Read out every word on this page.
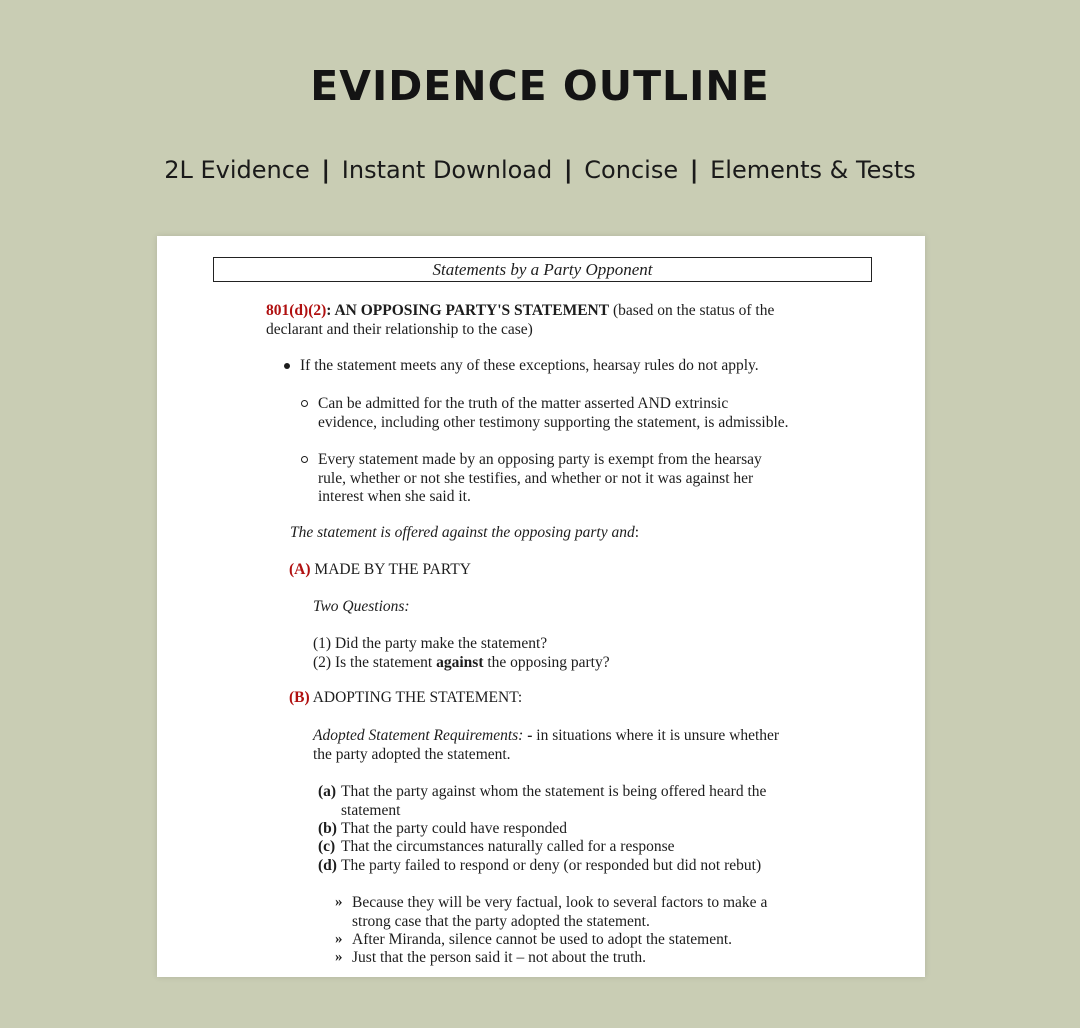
EVIDENCE OUTLINE
2L Evidence | Instant Download | Concise | Elements & Tests
Statements by a Party Opponent
801(d)(2): AN OPPOSING PARTY'S STATEMENT (based on the status of the
declarant and their relationship to the case)
If the statement meets any of these exceptions, hearsay rules do not apply.
Can be admitted for the truth of the matter asserted AND extrinsic
evidence, including other testimony supporting the statement, is admissible.
Every statement made by an opposing party is exempt from the hearsay
rule, whether or not she testifies, and whether or not it was against her
interest when she said it.
The statement is offered against the opposing party and:
(A) MADE BY THE PARTY
Two Questions:
(1) Did the party make the statement?
(2) Is the statement against the opposing party?
(B) ADOPTING THE STATEMENT:
Adopted Statement Requirements: - in situations where it is unsure whether
the party adopted the statement.
(a) That the party against whom the statement is being offered heard the
statement
(b) That the party could have responded
(c) That the circumstances naturally called for a response
(d) The party failed to respond or deny (or responded but did not rebut)
» Because they will be very factual, look to several factors to make a
strong case that the party adopted the statement.
» After Miranda, silence cannot be used to adopt the statement.
» Just that the person said it – not about the truth.
